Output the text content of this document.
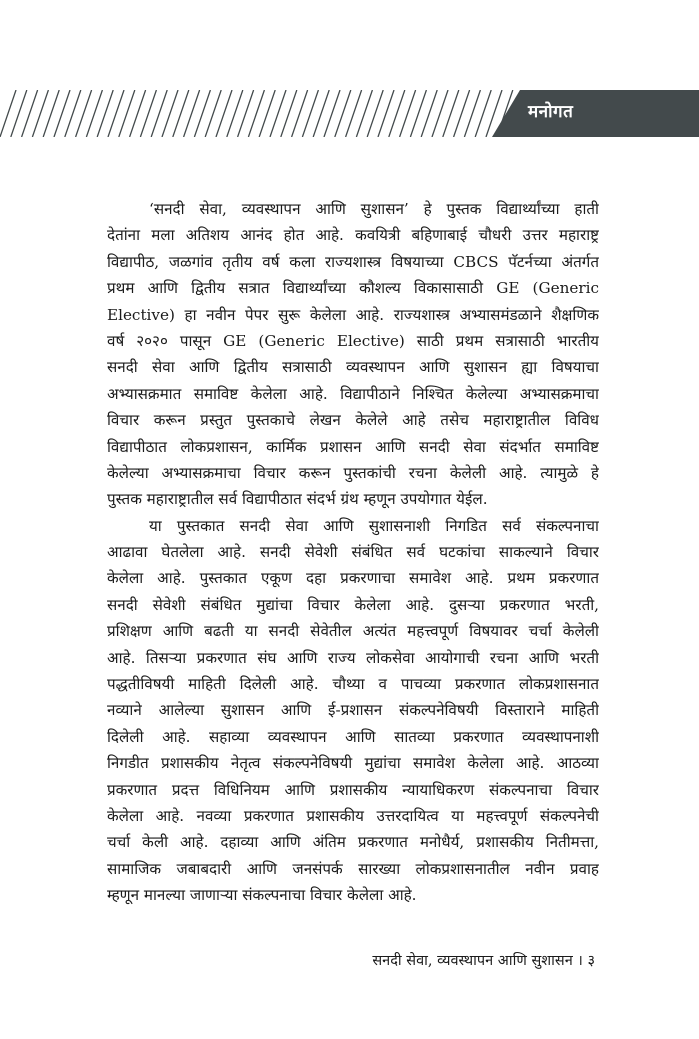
मनोगत
‘सनदी सेवा, व्यवस्थापन आणि सुशासन’ हे पुस्तक विद्यार्थ्यांच्या हाती
देतांना मला अतिशय आनंद होत आहे. कवयित्री बहिणाबाई चौधरी उत्तर महाराष्ट्र
विद्यापीठ, जळगांव तृतीय वर्ष कला राज्यशास्त्र विषयाच्या CBCS पॅटर्नच्या अंतर्गत
प्रथम आणि द्वितीय सत्रात विद्यार्थ्यांच्या कौशल्य विकासासाठी GE (Generic
Elective) हा नवीन पेपर सुरू केलेला आहे. राज्यशास्त्र अभ्यासमंडळाने शैक्षणिक
वर्ष २०२० पासून GE (Generic Elective) साठी प्रथम सत्रासाठी भारतीय
सनदी सेवा आणि द्वितीय सत्रासाठी व्यवस्थापन आणि सुशासन ह्या विषयाचा
अभ्यासक्रमात समाविष्ट केलेला आहे. विद्यापीठाने निश्चित केलेल्या अभ्यासक्रमाचा
विचार करून प्रस्तुत पुस्तकाचे लेखन केलेले आहे तसेच महाराष्ट्रातील विविध
विद्यापीठात लोकप्रशासन, कार्मिक प्रशासन आणि सनदी सेवा संदर्भात समाविष्ट
केलेल्या अभ्यासक्रमाचा विचार करून पुस्तकांची रचना केलेली आहे. त्यामुळे हे
पुस्तक महाराष्ट्रातील सर्व विद्यापीठात संदर्भ ग्रंथ म्हणून उपयोगात येईल.
या पुस्तकात सनदी सेवा आणि सुशासनाशी निगडित सर्व संकल्पनाचा
आढावा घेतलेला आहे. सनदी सेवेशी संबंधित सर्व घटकांचा साकल्याने विचार
केलेला आहे. पुस्तकात एकूण दहा प्रकरणाचा समावेश आहे. प्रथम प्रकरणात
सनदी सेवेशी संबंधित मुद्यांचा विचार केलेला आहे. दुसऱ्या प्रकरणात भरती,
प्रशिक्षण आणि बढती या सनदी सेवेतील अत्यंत महत्त्वपूर्ण विषयावर चर्चा केलेली
आहे. तिसऱ्या प्रकरणात संघ आणि राज्य लोकसेवा आयोगाची रचना आणि भरती
पद्धतीविषयी माहिती दिलेली आहे. चौथ्या व पाचव्या प्रकरणात लोकप्रशासनात
नव्याने आलेल्या सुशासन आणि ई-प्रशासन संकल्पनेविषयी विस्ताराने माहिती
दिलेली आहे. सहाव्या व्यवस्थापन आणि सातव्या प्रकरणात व्यवस्थापनाशी
निगडीत प्रशासकीय नेतृत्व संकल्पनेविषयी मुद्यांचा समावेश केलेला आहे. आठव्या
प्रकरणात प्रदत्त विधिनियम आणि प्रशासकीय न्यायाधिकरण संकल्पनाचा विचार
केलेला आहे. नवव्या प्रकरणात प्रशासकीय उत्तरदायित्व या महत्त्वपूर्ण संकल्पनेची
चर्चा केली आहे. दहाव्या आणि अंतिम प्रकरणात मनोधैर्य, प्रशासकीय नितीमत्ता,
सामाजिक जबाबदारी आणि जनसंपर्क सारख्या लोकप्रशासनातील नवीन प्रवाह
म्हणून मानल्या जाणाऱ्या संकल्पनाचा विचार केलेला आहे.
सनदी सेवा, व्यवस्थापन आणि सुशासन । ३
